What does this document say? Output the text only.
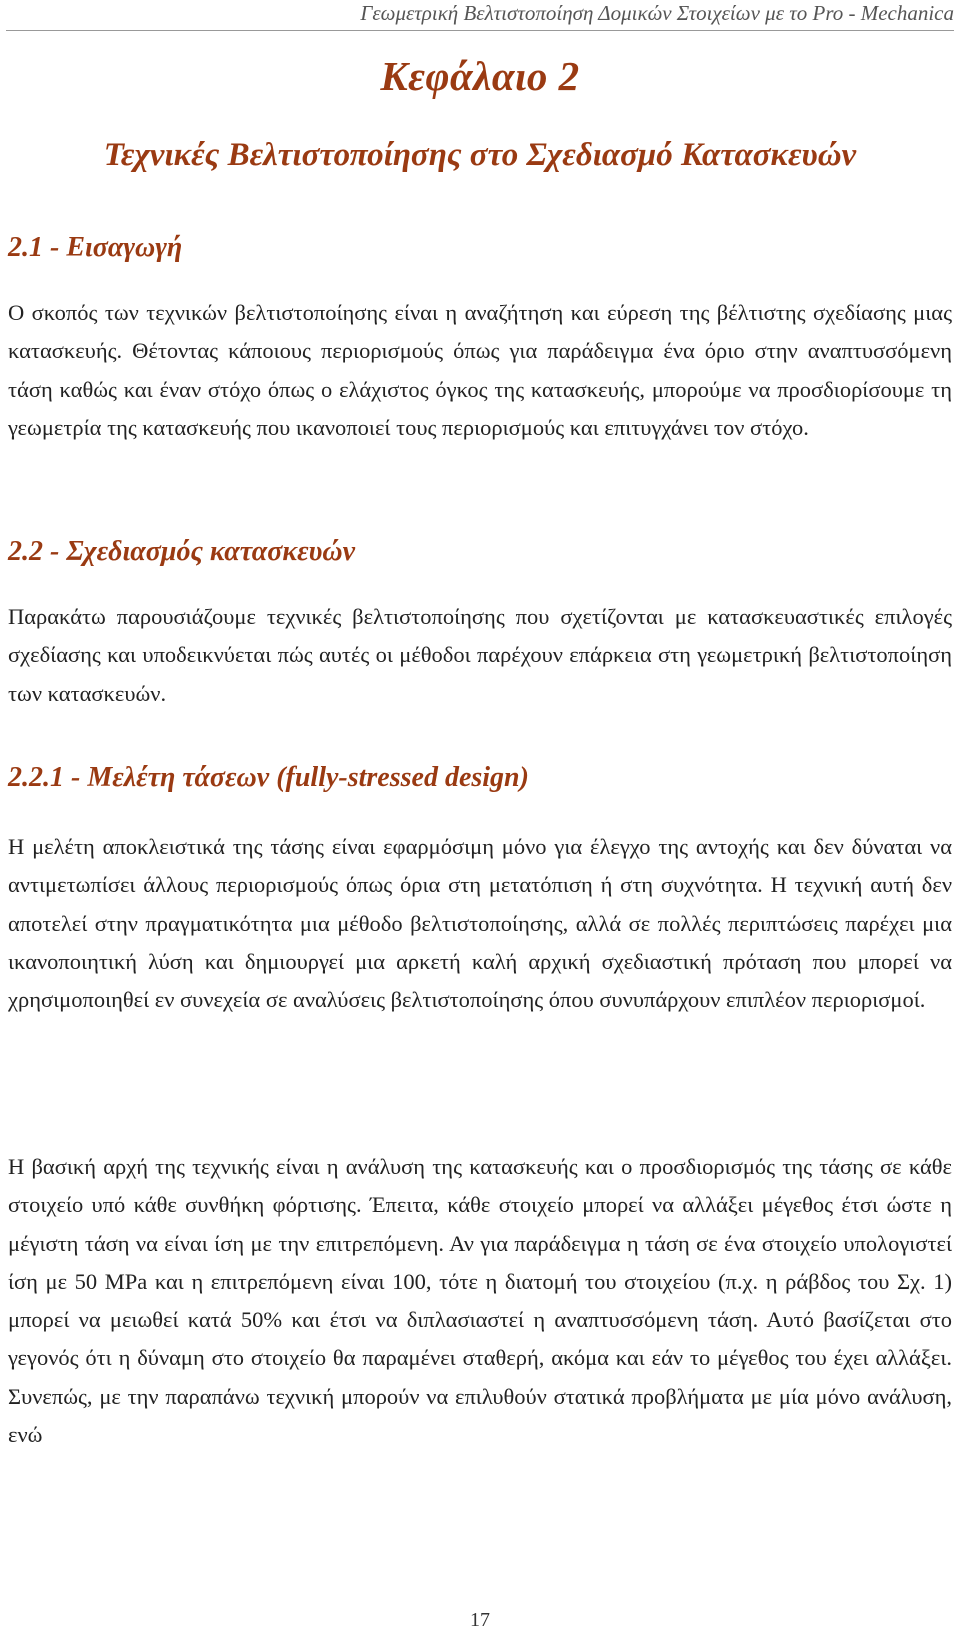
Γεωμετρική Βελτιστοποίηση Δομικών Στοιχείων με το Pro - Mechanica
Κεφάλαιο 2
Τεχνικές Βελτιστοποίησης στο Σχεδιασμό Κατασκευών
2.1 - Εισαγωγή
Ο σκοπός των τεχνικών βελτιστοποίησης είναι η αναζήτηση και εύρεση της βέλτιστης σχεδίασης μιας κατασκευής. Θέτοντας κάποιους περιορισμούς όπως για παράδειγμα ένα όριο στην αναπτυσσόμενη τάση καθώς και έναν στόχο όπως ο ελάχιστος όγκος της κατασκευής, μπορούμε να προσδιορίσουμε τη γεωμετρία της κατασκευής που ικανοποιεί τους περιορισμούς και επιτυγχάνει τον στόχο.
2.2 - Σχεδιασμός κατασκευών
Παρακάτω παρουσιάζουμε τεχνικές βελτιστοποίησης που σχετίζονται με κατασκευαστικές επιλογές σχεδίασης και υποδεικνύεται πώς αυτές οι μέθοδοι παρέχουν επάρκεια στη γεωμετρική βελτιστοποίηση των κατασκευών.
2.2.1 - Μελέτη τάσεων (fully-stressed design)
Η μελέτη αποκλειστικά της τάσης είναι εφαρμόσιμη μόνο για έλεγχο της αντοχής και δεν δύναται να αντιμετωπίσει άλλους περιορισμούς όπως όρια στη μετατόπιση ή στη συχνότητα. Η τεχνική αυτή δεν αποτελεί στην πραγματικότητα μια μέθοδο βελτιστοποίησης, αλλά σε πολλές περιπτώσεις παρέχει μια ικανοποιητική λύση και δημιουργεί μια αρκετή καλή αρχική σχεδιαστική πρόταση που μπορεί να χρησιμοποιηθεί εν συνεχεία σε αναλύσεις βελτιστοποίησης όπου συνυπάρχουν επιπλέον περιορισμοί.
Η βασική αρχή της τεχνικής είναι η ανάλυση της κατασκευής και ο προσδιορισμός της τάσης σε κάθε στοιχείο υπό κάθε συνθήκη φόρτισης. Έπειτα, κάθε στοιχείο μπορεί να αλλάξει μέγεθος έτσι ώστε η μέγιστη τάση να είναι ίση με την επιτρεπόμενη. Αν για παράδειγμα η τάση σε ένα στοιχείο υπολογιστεί ίση με 50 MPa και η επιτρεπόμενη είναι 100, τότε η διατομή του στοιχείου (π.χ. η ράβδος του Σχ. 1) μπορεί να μειωθεί κατά 50% και έτσι να διπλασιαστεί η αναπτυσσόμενη τάση. Αυτό βασίζεται στο γεγονός ότι η δύναμη στο στοιχείο θα παραμένει σταθερή, ακόμα και εάν το μέγεθος του έχει αλλάξει. Συνεπώς, με την παραπάνω τεχνική μπορούν να επιλυθούν στατικά προβλήματα με μία μόνο ανάλυση, ενώ
17
